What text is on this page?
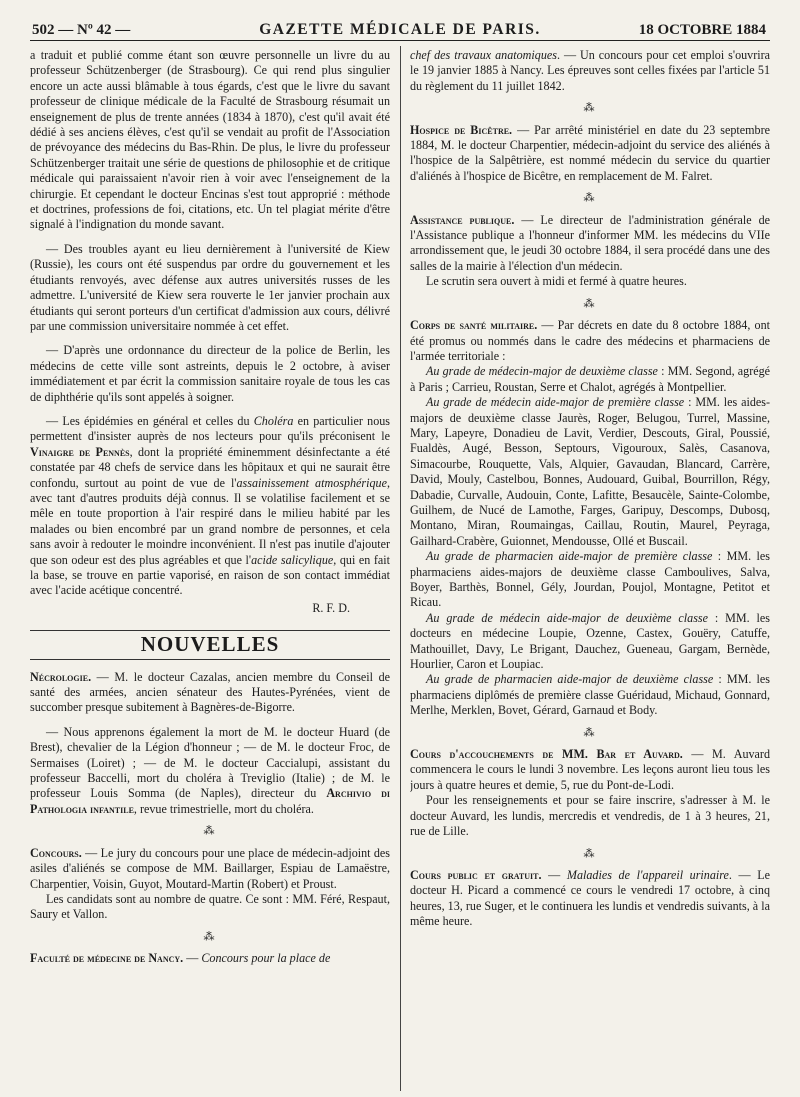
502 — Nº 42 —	GAZETTE MÉDICALE DE PARIS.	18 OCTOBRE 1884

a traduit et publié comme étant son œuvre personnelle un livre du au professeur Schützenberger (de Strasbourg). Ce qui rend plus singulier encore un acte aussi blâmable à tous égards, c'est que le livre du savant professeur de clinique médicale de la Faculté de Strasbourg résumait un enseignement de plus de trente années (1834 à 1870), c'est qu'il avait été dédié à ses anciens élèves, c'est qu'il se vendait au profit de l'Association de prévoyance des médecins du Bas-Rhin. De plus, le livre du professeur Schützenberger traitait une série de questions de philosophie et de critique médicale qui paraissaient n'avoir rien à voir avec l'enseignement de la chirurgie. Et cependant le docteur Encinas s'est tout approprié : méthode et doctrines, professions de foi, citations, etc. Un tel plagiat mérite d'être signalé à l'indignation du monde savant.

— Des troubles ayant eu lieu dernièrement à l'université de Kiew (Russie), les cours ont été suspendus par ordre du gouvernement et les étudiants renvoyés, avec défense aux autres universités russes de les admettre. L'université de Kiew sera rouverte le 1er janvier prochain aux étudiants qui seront porteurs d'un certificat d'admission aux cours, délivré par une commission universitaire nommée à cet effet.

— D'après une ordonnance du directeur de la police de Berlin, les médecins de cette ville sont astreints, depuis le 2 octobre, à aviser immédiatement et par écrit la commission sanitaire royale de tous les cas de diphthérie qu'ils sont appelés à soigner.

— Les épidémies en général et celles du Choléra en particulier nous permettent d'insister auprès de nos lecteurs pour qu'ils préconisent le Vinaigre de Pennès, dont la propriété éminemment désinfectante a été constatée par 48 chefs de service dans les hôpitaux et qui ne saurait être confondu, surtout au point de vue de l'assainissement atmosphérique, avec tant d'autres produits déjà connus. Il se volatilise facilement et se mêle en toute proportion à l'air respiré dans le milieu habité par les malades ou bien encombré par un grand nombre de personnes, et cela sans avoir à redouter le moindre inconvénient. Il n'est pas inutile d'ajouter que son odeur est des plus agréables et que l'acide salicylique, qui en fait la base, se trouve en partie vaporisé, en raison de son contact immédiat avec l'acide acétique concentré.

R. F. D.
NOUVELLES

Nécrologie. — M. le docteur Cazalas, ancien membre du Conseil de santé des armées, ancien sénateur des Hautes-Pyrénées, vient de succomber presque subitement à Bagnères-de-Bigorre.

— Nous apprenons également la mort de M. le docteur Huard (de Brest), chevalier de la Légion d'honneur ; — de M. le docteur Froc, de Sermaises (Loiret) ; — de M. le docteur Caccialupi, assistant du professeur Baccelli, mort du choléra à Treviglio (Italie) ; de M. le professeur Louis Somma (de Naples), directeur du Archivio di Pathologia infantile, revue trimestrielle, mort du choléra.

⁂

Concours. — Le jury du concours pour une place de médecin-adjoint des asiles d'aliénés se compose de MM. Baillarger, Espiau de Lamaëstre, Charpentier, Voisin, Guyot, Moutard-Martin (Robert) et Proust.

Les candidats sont au nombre de quatre. Ce sont : MM. Féré, Respaut, Saury et Vallon.

⁂

Faculté de médecine de Nancy. — Concours pour la place de

chef des travaux anatomiques. — Un concours pour cet emploi s'ouvrira le 19 janvier 1885 à Nancy. Les épreuves sont celles fixées par l'article 51 du règlement du 11 juillet 1842.

⁂

Hospice de Bicêtre. — Par arrêté ministériel en date du 23 septembre 1884, M. le docteur Charpentier, médecin-adjoint du service des aliénés à l'hospice de la Salpêtrière, est nommé médecin du service du quartier d'aliénés à l'hospice de Bicêtre, en remplacement de M. Falret.

⁂

Assistance publique. — Le directeur de l'administration générale de l'Assistance publique a l'honneur d'informer MM. les médecins du VIIe arrondissement que, le jeudi 30 octobre 1884, il sera procédé dans une des salles de la mairie à l'élection d'un médecin.

Le scrutin sera ouvert à midi et fermé à quatre heures.

⁂

Corps de santé militaire. — Par décrets en date du 8 octobre 1884, ont été promus ou nommés dans le cadre des médecins et pharmaciens de l'armée territoriale :

Au grade de médecin-major de deuxième classe : MM. Segond, agrégé à Paris ; Carrieu, Roustan, Serre et Chalot, agrégés à Montpellier.

Au grade de médecin aide-major de première classe : MM. les aides-majors de deuxième classe Jaurès, Roger, Belugou, Turrel, Massine, Mary, Lapeyre, Donadieu de Lavit, Verdier, Descouts, Giral, Poussié, Fualdès, Augé, Besson, Septours, Vigouroux, Salès, Casanova, Simacourbe, Rouquette, Vals, Alquier, Gavaudan, Blancard, Carrère, David, Mouly, Castelbou, Bonnes, Audouard, Guibal, Bourrillon, Régy, Dabadie, Curvalle, Audouin, Conte, Lafitte, Besaucèle, Sainte-Colombe, Guilhem, de Nucé de Lamothe, Farges, Garipuy, Descomps, Dubosq, Montano, Miran, Roumaingas, Caillau, Routin, Maurel, Peyraga, Gailhard-Crabère, Guionnet, Mendousse, Ollé et Buscail.

Au grade de pharmacien aide-major de première classe : MM. les pharmaciens aides-majors de deuxième classe Camboulives, Salva, Boyer, Barthès, Bonnel, Gély, Jourdan, Poujol, Montagne, Petitot et Ricau.

Au grade de médecin aide-major de deuxième classe : MM. les docteurs en médecine Loupie, Ozenne, Castex, Gouëry, Catuffe, Mathouillet, Davy, Le Brigant, Dauchez, Gueneau, Gargam, Bernède, Hourlier, Caron et Loupiac.

Au grade de pharmacien aide-major de deuxième classe : MM. les pharmaciens diplômés de première classe Guéridaud, Michaud, Gonnard, Merlhe, Merklen, Bovet, Gérard, Garnaud et Body.

⁂

Cours d'accouchements de MM. Bar et Auvard. — M. Auvard commencera le cours le lundi 3 novembre. Les leçons auront lieu tous les jours à quatre heures et demie, 5, rue du Pont-de-Lodi.

Pour les renseignements et pour se faire inscrire, s'adresser à M. le docteur Auvard, les lundis, mercredis et vendredis, de 1 à 3 heures, 21, rue de Lille.

⁂

Cours public et gratuit. — Maladies de l'appareil urinaire. — Le docteur H. Picard a commencé ce cours le vendredi 17 octobre, à cinq heures, 13, rue Suger, et le continuera les lundis et vendredis suivants, à la même heure.
